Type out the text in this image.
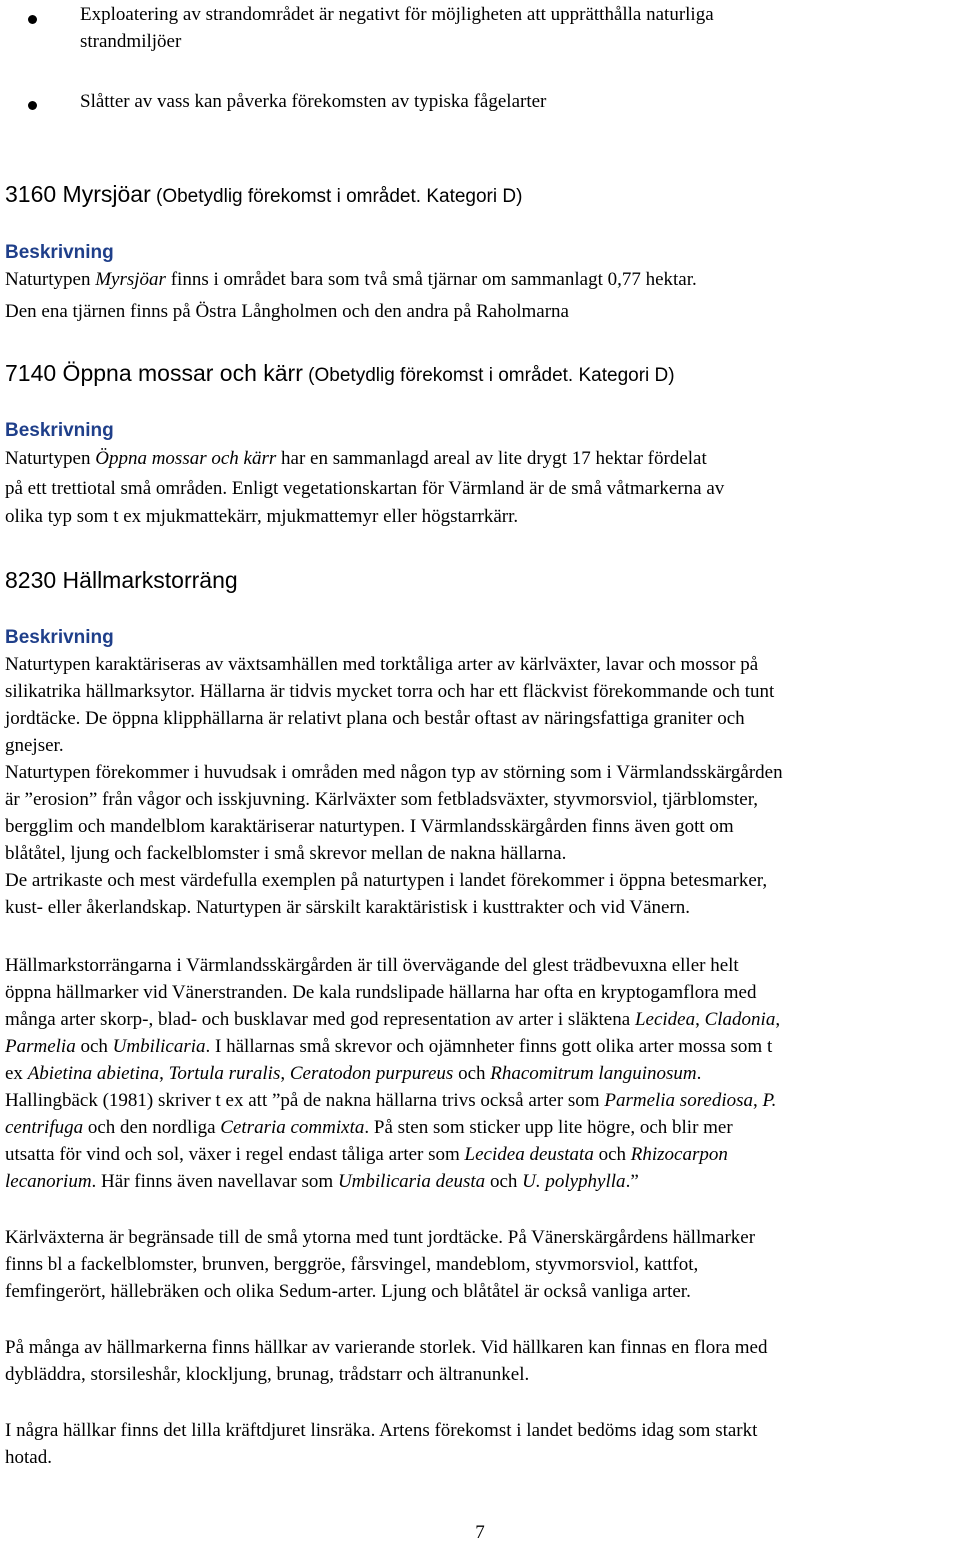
Exploatering av strandområdet är negativt för möjligheten att upprätthålla naturliga
strandmiljöer
Slåtter av vass kan påverka förekomsten av typiska fågelarter
3160 Myrsjöar (Obetydlig förekomst i området. Kategori D)
Beskrivning
Naturtypen Myrsjöar finns i området bara som två små tjärnar om sammanlagt 0,77 hektar.
Den ena tjärnen finns på Östra Långholmen och den andra på Raholmarna
7140 Öppna mossar och kärr (Obetydlig förekomst i området. Kategori D)
Beskrivning
Naturtypen Öppna mossar och kärr har en sammanlagd areal av lite drygt 17 hektar fördelat
på ett trettiotal små områden. Enligt vegetationskartan för Värmland är de små våtmarkerna av
olika typ som t ex mjukmattekärr, mjukmattemyr eller högstarrkärr.
8230 Hällmarkstorräng
Beskrivning
Naturtypen karaktäriseras av växtsamhällen med torktåliga arter av kärlväxter, lavar och mossor på
silikatrika hällmarksytor. Hällarna är tidvis mycket torra och har ett fläckvist förekommande och tunt
jordtäcke. De öppna klipphällarna är relativt plana och består oftast av näringsfattiga graniter och
gnejser.
Naturtypen förekommer i huvudsak i områden med någon typ av störning som i Värmlandsskärgården
är ”erosion” från vågor och isskjuvning. Kärlväxter som fetbladsväxter, styvmorsviol, tjärblomster,
bergglim och mandelblom karaktäriserar naturtypen. I Värmlandsskärgården finns även gott om
blåtåtel, ljung och fackelblomster i små skrevor mellan de nakna hällarna.
De artrikaste och mest värdefulla exemplen på naturtypen i landet förekommer i öppna betesmarker,
kust- eller åkerlandskap. Naturtypen är särskilt karaktäristisk i kusttrakter och vid Vänern.
Hällmarkstorrängarna i Värmlandsskärgården är till övervägande del glest trädbevuxna eller helt
öppna hällmarker vid Vänerstranden. De kala rundslipade hällarna har ofta en kryptogamflora med
många arter skorp-, blad- och busklavar med god representation av arter i släktena Lecidea, Cladonia,
Parmelia och Umbilicaria. I hällarnas små skrevor och ojämnheter finns gott olika arter mossa som t
ex Abietina abietina, Tortula ruralis, Ceratodon purpureus och Rhacomitrum languinosum.
Hallingbäck (1981) skriver t ex att ”på de nakna hällarna trivs också arter som Parmelia sorediosa, P.
centrifuga och den nordliga Cetraria commixta. På sten som sticker upp lite högre, och blir mer
utsatta för vind och sol, växer i regel endast tåliga arter som Lecidea deustata och Rhizocarpon
lecanorium. Här finns även navellavar som Umbilicaria deusta och U. polyphylla.”
Kärlväxterna är begränsade till de små ytorna med tunt jordtäcke. På Vänerskärgårdens hällmarker
finns bl a fackelblomster, brunven, berggröe, fårsvingel, mandeblom, styvmorsviol, kattfot,
femfingerört, hällebräken och olika Sedum-arter. Ljung och blåtåtel är också vanliga arter.
På många av hällmarkerna finns hällkar av varierande storlek. Vid hällkaren kan finnas en flora med
dybläddra, storsileshår, klockljung, brunag, trådstarr och ältranunkel.
I några hällkar finns det lilla kräftdjuret linsräka. Artens förekomst i landet bedöms idag som starkt
hotad.
7
